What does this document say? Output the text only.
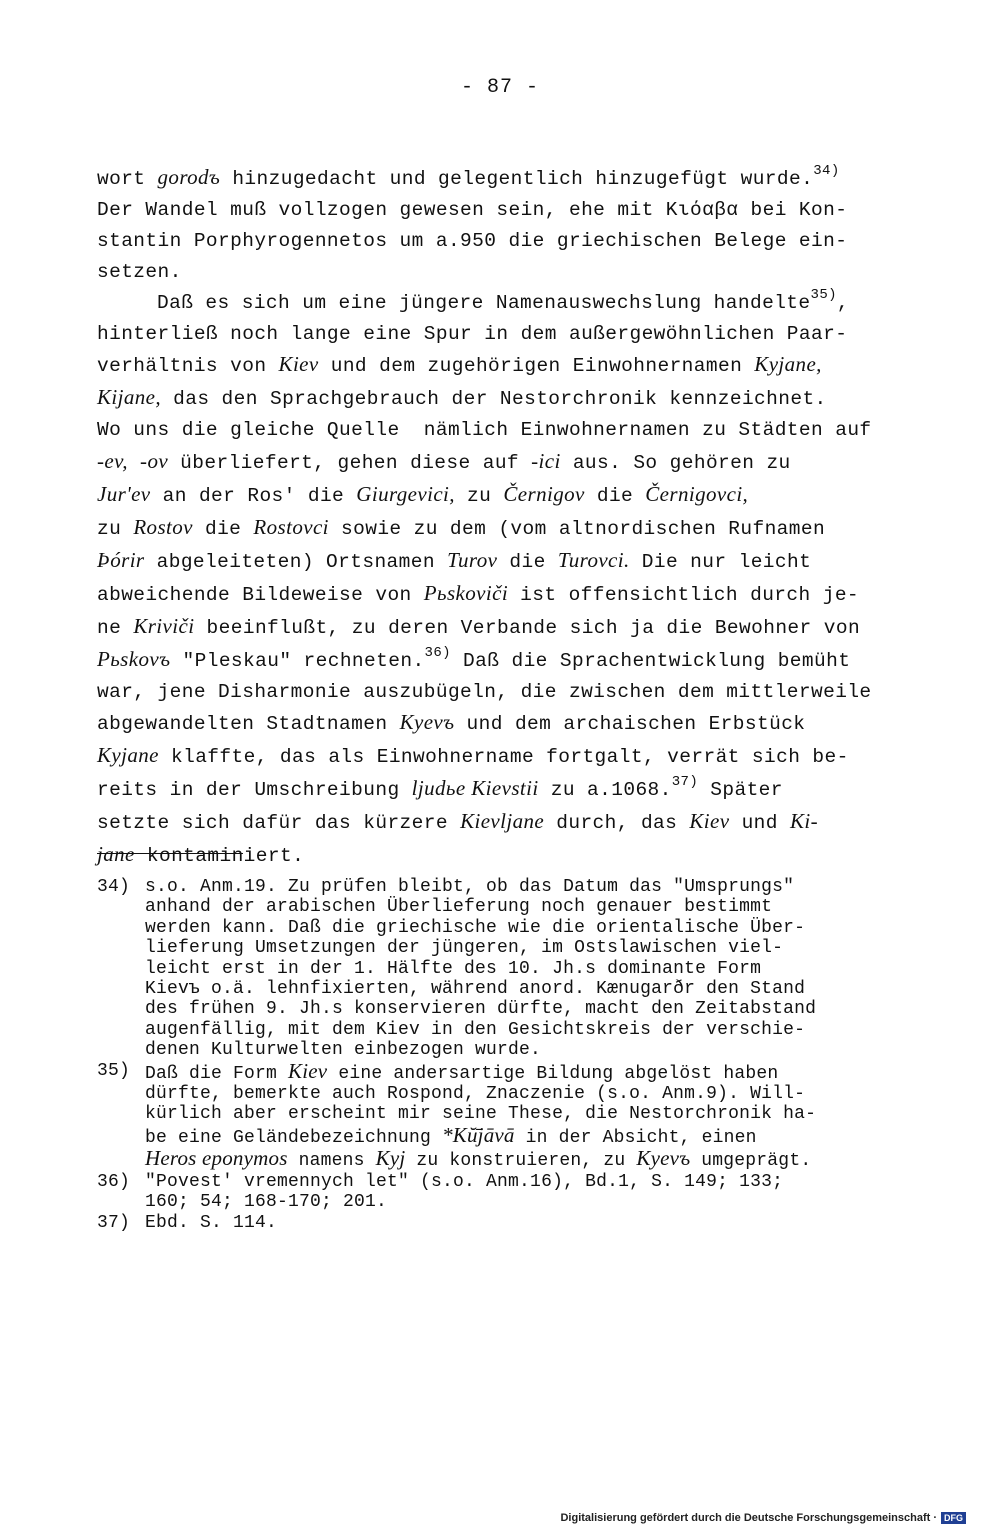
- 87 -
wort gorodъ hinzugedacht und gelegentlich hinzugefügt wurde.$^{34)}$
Der Wandel muß vollzogen gewesen sein, ehe mit Κιόαβα bei Kon-
stantin Porphyrogennetos um a.950 die griechischen Belege ein-
setzen.
Daß es sich um eine jüngere Namenauswechslung handelte$^{35)}$,
hinterließ noch lange eine Spur in dem außergewöhnlichen Paar-
verhältnis von Kiev und dem zugehörigen Einwohnernamen Kyjane,
Kijane, das den Sprachgebrauch der Nestorchronik kennzeichnet.
Wo uns die gleiche Quelle  nämlich Einwohnernamen zu Städten auf
-ev, -ov überliefert, gehen diese auf -ici aus. So gehören zu
Jur'ev an der Ros' die Giurgevici, zu Černigov die Černigovci,
zu Rostov die Rostovci sowie zu dem (vom altnordischen Rufnamen
Þórir abgeleiteten) Ortsnamen Turov die Turovci. Die nur leicht
abweichende Bildeweise von Pьskoviči ist offensichtlich durch je-
ne Kriviči beeinflußt, zu deren Verbande sich ja die Bewohner von
Pьskovъ "Pleskau" rechneten.$^{36)}$ Daß die Sprachentwicklung bemüht
war, jene Disharmonie auszubügeln, die zwischen dem mittlerweile
abgewandelten Stadtnamen Kyevъ und dem archaischen Erbstück
Kyjane klaffte, das als Einwohnername fortgalt, verrät sich be-
reits in der Umschreibung ljudьe Kievstii zu a.1068.$^{37)}$ Später
setzte sich dafür das kürzere Kievljane durch, das Kiev und Ki-
jane kontaminiert.
34) s.o. Anm.19. Zu prüfen bleibt, ob das Datum das "Umsprungs"
anhand der arabischen Überlieferung noch genauer bestimmt
werden kann. Daß die griechische wie die orientalische Über-
lieferung Umsetzungen der jüngeren, im Ostslawischen viel-
leicht erst in der 1. Hälfte des 10. Jh.s dominante Form
Kievъ o.ä. lehnfixierten, während anord. Kænugarðr den Stand
des frühen 9. Jh.s konservieren dürfte, macht den Zeitabstand
augenfällig, mit dem Kiev in den Gesichtskreis der verschie-
denen Kulturwelten einbezogen wurde.
35) Daß die Form Kiev eine andersartige Bildung abgelöst haben
dürfte, bemerkte auch Rospond, Znaczenie (s.o. Anm.9). Will-
kürlich aber erscheint mir seine These, die Nestorchronik ha-
be eine Geländebezeichnung *Kŭ̄jāvā in der Absicht, einen
Heros eponymos namens Kyj zu konstruieren, zu Kyevъ umgeprägt.
36) "Povest' vremennych let" (s.o. Anm.16), Bd.1, S. 149; 133;
160; 54; 168-170; 201.
37) Ebd. S. 114.
Digitalisierung gefördert durch die Deutsche Forschungsgemeinschaft · DFG
